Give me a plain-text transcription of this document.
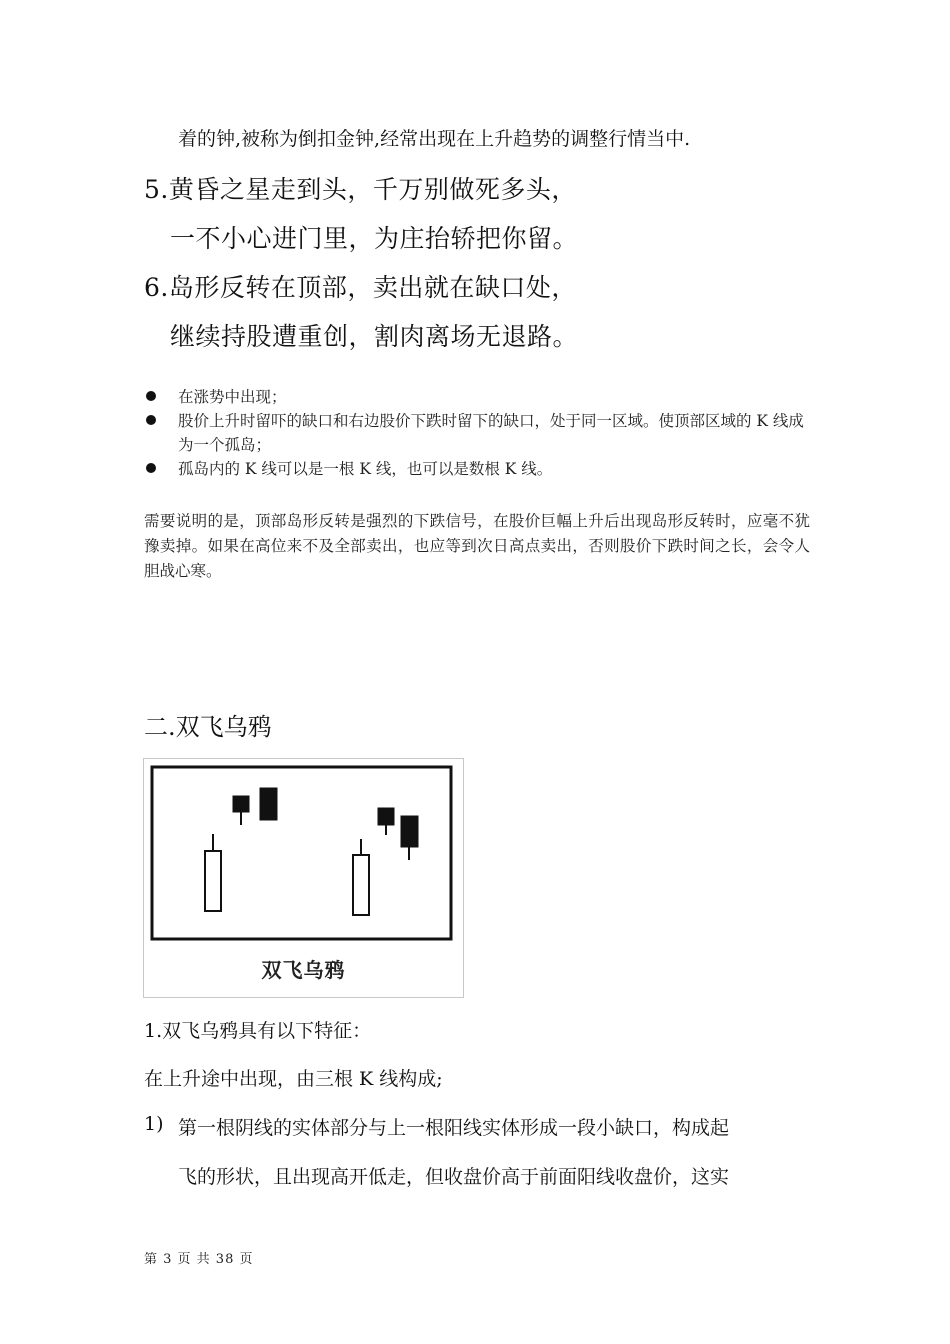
着的钟,被称为倒扣金钟,经常出现在上升趋势的调整行情当中.
5.黄昏之星走到头，千万别做死多头，
一不小心进门里，为庄抬轿把你留。
6.岛形反转在顶部，卖出就在缺口处，
继续持股遭重创，割肉离场无退路。
在涨势中出现；
股价上升时留吓的缺口和右边股价下跌时留下的缺口，处于同一区域。使顶部区域的 K 线成为一个孤岛；
孤岛内的 K 线可以是一根 K 线，也可以是数根 K 线。
需要说明的是，顶部岛形反转是强烈的下跌信号，在股价巨幅上升后出现岛形反转时，应毫不犹豫卖掉。如果在高位来不及全部卖出，也应等到次日高点卖出，否则股价下跌时间之长，会令人胆战心寒。
二.双飞乌鸦
双飞乌鸦
1.双飞乌鸦具有以下特征：
在上升途中出现，由三根 K 线构成;
1) 第一根阴线的实体部分与上一根阳线实体形成一段小缺口，构成起
飞的形状，且出现高开低走，但收盘价高于前面阳线收盘价，这实
第 3 页 共 38 页
